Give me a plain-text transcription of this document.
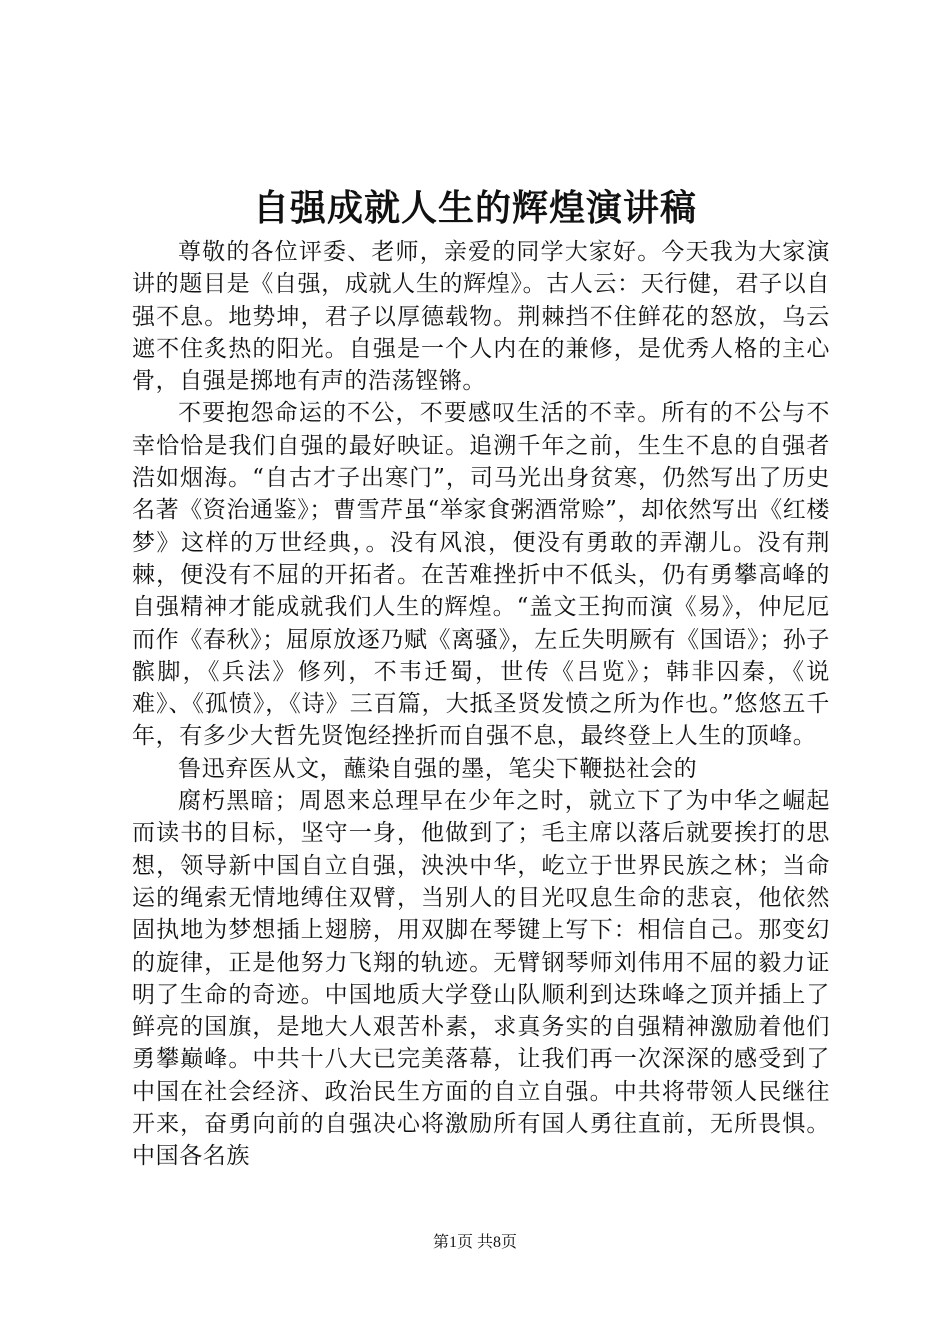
自强成就人生的辉煌演讲稿

尊敬的各位评委、老师，亲爱的同学大家好。今天我为大家演讲的题目是《自强，成就人生的辉煌》。古人云：天行健，君子以自强不息。地势坤，君子以厚德载物。荆棘挡不住鲜花的怒放，乌云遮不住炙热的阳光。自强是一个人内在的兼修，是优秀人格的主心骨，自强是掷地有声的浩荡铿锵。

不要抱怨命运的不公，不要感叹生活的不幸。所有的不公与不幸恰恰是我们自强的最好映证。追溯千年之前，生生不息的自强者浩如烟海。“自古才子出寒门”，司马光出身贫寒，仍然写出了历史名著《资治通鉴》；曹雪芹虽“举家食粥酒常赊”，却依然写出《红楼梦》这样的万世经典，。没有风浪，便没有勇敢的弄潮儿。没有荆棘，便没有不屈的开拓者。在苦难挫折中不低头，仍有勇攀高峰的自强精神才能成就我们人生的辉煌。“盖文王拘而演《易》，仲尼厄而作《春秋》；屈原放逐乃赋《离骚》，左丘失明厥有《国语》；孙子髌脚，《兵法》修列，不韦迁蜀，世传《吕览》；韩非囚秦，《说难》、《孤愤》，《诗》三百篇，大抵圣贤发愤之所为作也。”悠悠五千年，有多少大哲先贤饱经挫折而自强不息，最终登上人生的顶峰。

鲁迅弃医从文，蘸染自强的墨，笔尖下鞭挞社会的

腐朽黑暗；周恩来总理早在少年之时，就立下了为中华之崛起而读书的目标，坚守一身，他做到了；毛主席以落后就要挨打的思想，领导新中国自立自强，泱泱中华，屹立于世界民族之林；当命运的绳索无情地缚住双臂，当别人的目光叹息生命的悲哀，他依然固执地为梦想插上翅膀，用双脚在琴键上写下：相信自己。那变幻的旋律，正是他努力飞翔的轨迹。无臂钢琴师刘伟用不屈的毅力证明了生命的奇迹。中国地质大学登山队顺利到达珠峰之顶并插上了鲜亮的国旗，是地大人艰苦朴素，求真务实的自强精神激励着他们勇攀巅峰。中共十八大已完美落幕，让我们再一次深深的感受到了中国在社会经济、政治民生方面的自立自强。中共将带领人民继往开来，奋勇向前的自强决心将激励所有国人勇往直前，无所畏惧。中国各名族

第1页 共8页
